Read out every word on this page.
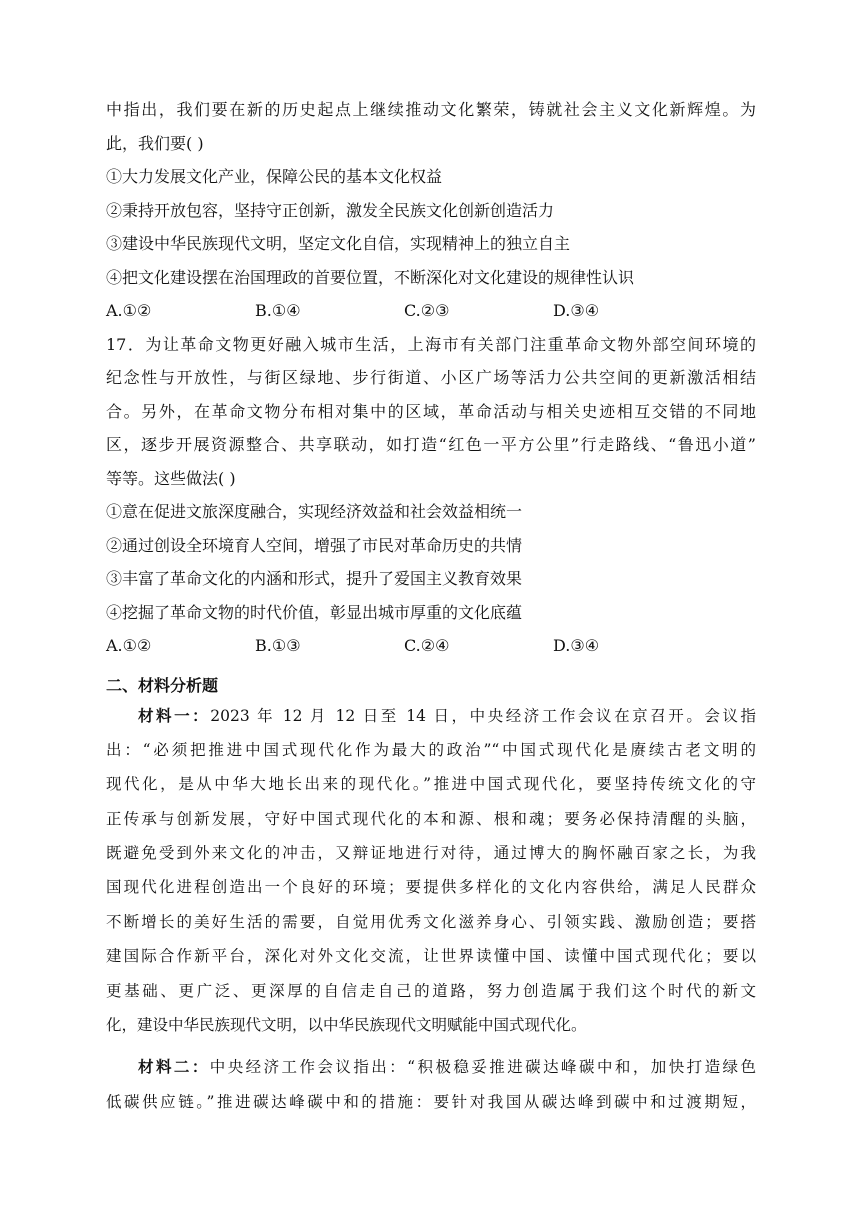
中指出，我们要在新的历史起点上继续推动文化繁荣，铸就社会主义文化新辉煌。为
此，我们要( )
①大力发展文化产业，保障公民的基本文化权益
②秉持开放包容，坚持守正创新，激发全民族文化创新创造活力
③建设中华民族现代文明，坚定文化自信，实现精神上的独立自主
④把文化建设摆在治国理政的首要位置，不断深化对文化建设的规律性认识
A.①②	B.①④	C.②③	D.③④
17．为让革命文物更好融入城市生活，上海市有关部门注重革命文物外部空间环境的
纪念性与开放性，与街区绿地、步行街道、小区广场等活力公共空间的更新激活相结
合。另外，在革命文物分布相对集中的区域，革命活动与相关史迹相互交错的不同地
区，逐步开展资源整合、共享联动，如打造“红色一平方公里”行走路线、“鲁迅小道”
等等。这些做法( )
①意在促进文旅深度融合，实现经济效益和社会效益相统一
②通过创设全环境育人空间，增强了市民对革命历史的共情
③丰富了革命文化的内涵和形式，提升了爱国主义教育效果
④挖掘了革命文物的时代价值，彰显出城市厚重的文化底蕴
A.①②	B.①③	C.②④	D.③④
二、材料分析题
材料一：2023 年 12 月 12 日至 14 日，中央经济工作会议在京召开。会议指
出：“必须把推进中国式现代化作为最大的政治”“中国式现代化是赓续古老文明的
现代化，是从中华大地长出来的现代化。”推进中国式现代化，要坚持传统文化的守
正传承与创新发展，守好中国式现代化的本和源、根和魂；要务必保持清醒的头脑，
既避免受到外来文化的冲击，又辩证地进行对待，通过博大的胸怀融百家之长，为我
国现代化进程创造出一个良好的环境；要提供多样化的文化内容供给，满足人民群众
不断增长的美好生活的需要，自觉用优秀文化滋养身心、引领实践、激励创造；要搭
建国际合作新平台，深化对外文化交流，让世界读懂中国、读懂中国式现代化；要以
更基础、更广泛、更深厚的自信走自己的道路，努力创造属于我们这个时代的新文
化，建设中华民族现代文明，以中华民族现代文明赋能中国式现代化。
材料二：中央经济工作会议指出：“积极稳妥推进碳达峰碳中和，加快打造绿色
低碳供应链。”推进碳达峰碳中和的措施：要针对我国从碳达峰到碳中和过渡期短，
